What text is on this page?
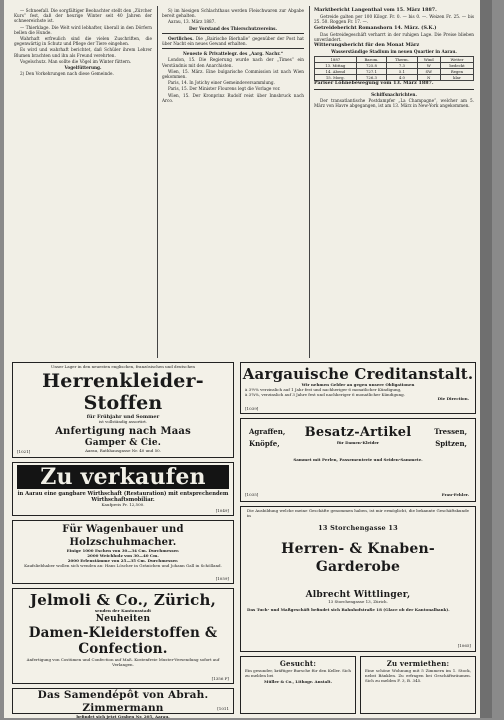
— Schneefall. Die sorgfältiger Beobachter stellt den „Zürcher Kurs“ fest, daß der heurige Winter seit 40 Jahren der schneereichste ist.

— Thierklage. Die Welt wird lebhafter, überall in den Dörfern bellen die Hunde.

Wahrhaft erfreulich sind die vielen Zuschriften, die gegenwärtig in Schutz und Pflege der Tiere eingehen.

Es wird und wahrhaft berichtet, daß Schüler ihrem Lehrer Blumen brachten und ihn als Freund verehrten.

Vogelschutz. Man sollte die Vögel im Winter füttern.

Vogelfütterung.

2) Den Vorkehrungen nach diese Gemeinde.

S) im hiesigen Schlachthaus werden Fleischwaren zur Abgabe bereit gehalten.

Aarau, 13. März 1887.

Der Vorstand des Thierschutzvereins.

Oertliches. Die „Bairische Bierhalle“ gegenüber der Post hat über Nacht ein neues Gewand erhalten.

Neueste & Privattelegr. des „Aarg. Nachr.“

London, 15. Die Regierung wurde nach der „Times“ ein Verständnis mit den Anarchisten.

Wien, 15. März. Eine bulgarische Commission ist nach Wien gekommen.

Paris, 14. In Jotichy einer Gemeindeversammlung.

Paris, 15. Der Minister Flourens legt die Vorlage vor.

Wien, 15. Der Kronprinz Rudolf reist über Innsbruck nach Arco.

Marktbericht Langenthal vom 15. März 1887.

Getreide galten per 100 Kilogr. Fr. 0. — bis 0. —. Weizen Fr. 25. — bis 25. 50. Roggen Fr. 17. —.

Getreidebericht Romanshorn 14. März. (S.K.)

Das Getreidegeschäft verharrt in der ruhigen Lage. Die Preise blieben unverändert.

Witterungsbericht für den Monat März

Wasserständige Stadium im neuen Quartier in Aarau.

1887	Barom.	Therm.	Wind	Wetter
13. Mittag	725.8	7.3	W	bedeckt
14. Abend	727.1	5.1	SW	Regen
15. Morg.	726.3	4.0	N	klar

Pariser Löhnebewegung vom 13. März 1887.

Schiffsnachrichten.

Der transatlantische Postdampfer „La Champagne“, welcher am 5. März von Havre abgegangen, ist am 13. März in New-York angekommen.

Unser Lager in den neuesten englischen, französischen und deutschen
Herrenkleider-Stoffen
für Frühjahr und Sommer
ist vollständig assortirt.
Anfertigung nach Maas
Gamper & Cie.
Aarau, Rathhausgasse Nr. 40 und 50.
[1021]
Zu verkaufen
in Aarau eine gangbare Wirthschaft (Restauration) mit entsprechendem Wirthschaftsmobiliar.
Kaufpreis Fr. 12,500.
[1049]
Für Wagenbauer und Holzschuhmacher.
Einige 1000 Eschen von 30—34 Cm. Durchmesser.
2000 Weichholz von 30—40 Cm.
2000 Erlenstämme von 25—35 Cm. Durchmesser.
Kaufsliebhaber wollen sich wenden an: Hans Löscher in Gränichen und Johann Gall in Schölland.
[1059]
Jelmoli & Co., Zürich,
senden der Kantonsstadt
Neuheiten
Damen-Kleiderstoffen & Confection.
Anfertigung von Costümen und Confection auf Maß. Kostenfreie Muster-Versendung sofort auf Verlangen.
[1356 F]
Das Samendépôt von Abrah. Zimmermann
befindet sich jetzt Graben Nr. 205, Aarau.
[1011
Aargauische Creditanstalt.
Wir nehmen Gelder an gegen unsere Obligationen
à 3½% verzinslich auf 1 Jahr fest und nachheriger 6 monatlicher Kündigung,
à 3¾%, verzinslich auf 3 Jahre fest und nachheriger 6 monatlicher Kündigung.
Die Direction.
[1039]
Agraffen,
Knöpfe,
Tressen,
Spitzen,
Besatz-Artikel
für Damen-Kleider
Sammet mit Perlen, Passementerie und Seiden-Sammete.
Frau-Fehler.
[1035]
Die Ausbildung welche meine Geschäfte genommen haben, ist mir ermöglicht, die bekannte Geschäftskunde in
13 Storchengasse 13
Herren- & Knaben-Garderobe
Albrecht Wittlinger,
13 Storchengasse 13, Zürich.
Das Tuch- und Maßgeschäft befindet sich Bahnhofstraße 18 (Glace ob der Kantonalbank).
[1065]
Gesucht:
Ein gesunder, kräftiger Bursche für den Keller. Sich zu melden bei
Müller & Co., Lithogr. Anstalt.
Zu vermiethen:
Eine schöne Wohnung mit 5 Zimmern im 1. Stock, nebst Bänklen. Zu erfragen bei Geschäftsräumen. Sich zu melden F. 3, B. 345.
